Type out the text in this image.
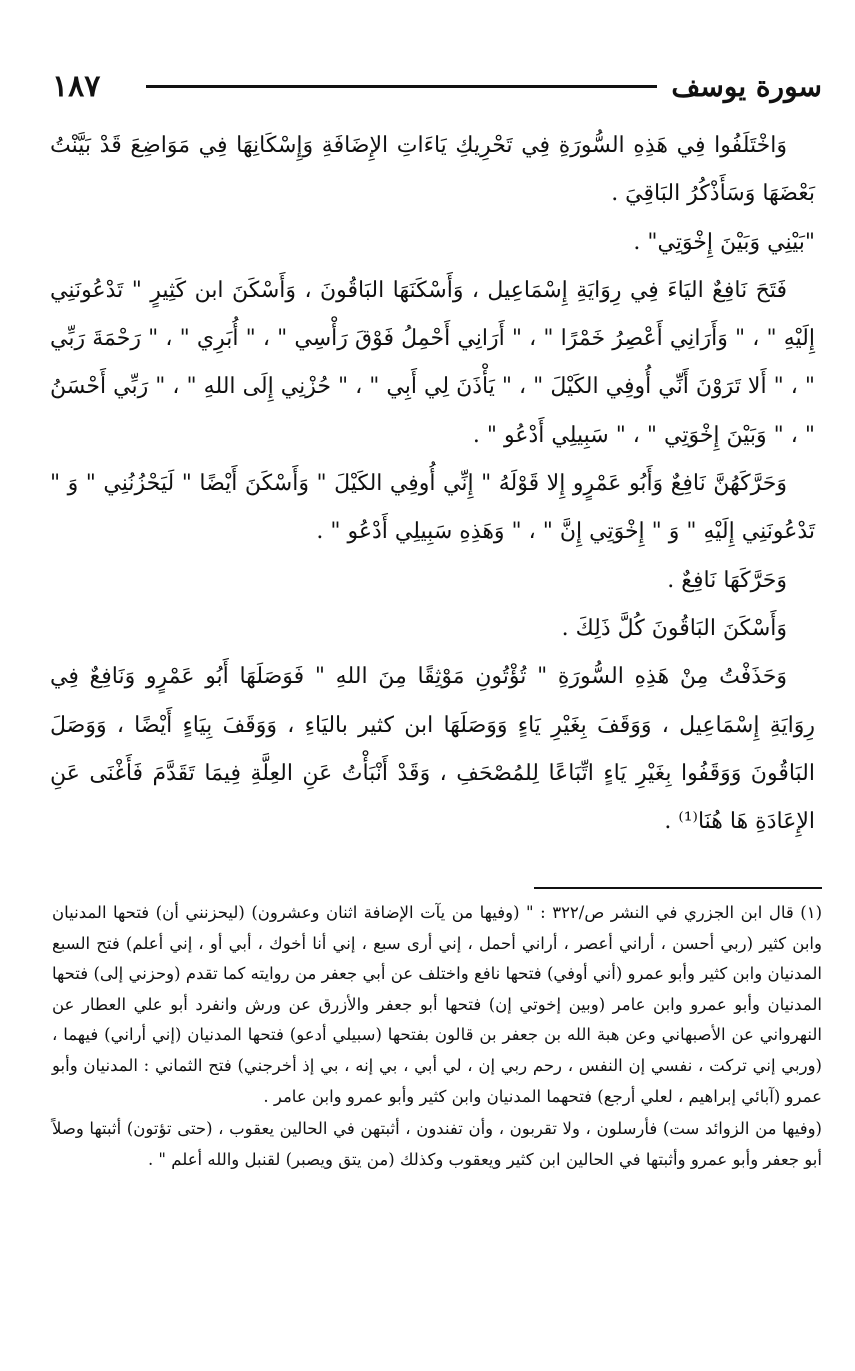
١٨٧	سورة يوسف

وَاخْتَلَفُوا فِي هَذِهِ السُّورَةِ فِي تَحْرِيكِ يَاءَاتِ الإِضَافَةِ وَإِسْكَانِهَا فِي مَوَاضِعَ قَدْ بَيَّنْتُ بَعْضَهَا وَسَأَذْكُرُ البَاقِيَ .

"بَيْنِي وَبَيْنَ إِخْوَتِي" .

فَتَحَ نَافِعٌ اليَاءَ فِي رِوَايَةِ إِسْمَاعِيل ، وَأَسْكَنَهَا البَاقُونَ ، وَأَسْكَنَ ابن كَثِيرٍ " تَدْعُونَنِي إِلَيْهِ " ، " وَأَرَانِي أَعْصِرُ خَمْرًا " ، " أَرَانِي أَحْمِلُ فَوْقَ رَأْسِي " ، " أُبَرِي " ، " رَحْمَةَ رَبِّي " ، " أَلا تَرَوْنَ أَنِّي أُوفِي الكَيْلَ " ، " يَأْذَنَ لِي أَبِي " ، " حُزْنِي إِلَى اللهِ " ، " رَبِّي أَحْسَنُ " ، " وَبَيْنَ إِخْوَتِي " ، " سَبِيلِي أَدْعُو " .

وَحَرَّكَهُنَّ نَافِعٌ وَأَبُو عَمْرٍو إِلا قَوْلَهُ " إِنِّي أُوفِي الكَيْلَ " وَأَسْكَنَ أَيْضًا " لَيَحْزُنُنِي " وَ " تَدْعُونَنِي إِلَيْهِ " وَ " إِخْوَتِي إِنَّ " ، " وَهَذِهِ سَبِيلِي أَدْعُو " .

وَحَرَّكَهَا نَافِعٌ .

وَأَسْكَنَ البَاقُونَ كُلَّ ذَلِكَ .

وَحَذَفْتُ مِنْ هَذِهِ السُّورَةِ " تُؤْتُونِ مَوْثِقًا مِنَ اللهِ " فَوَصَلَهَا أَبُو عَمْرٍو وَنَافِعٌ فِي رِوَايَةِ إِسْمَاعِيل ، وَوَقَفَ بِغَيْرِ يَاءٍ وَوَصَلَهَا ابن كثير باليَاءِ ، وَوَقَفَ بِيَاءٍ أَيْضًا ، وَوَصَلَ البَاقُونَ وَوَقَفُوا بِغَيْرِ يَاءٍ اتِّبَاعًا لِلمُصْحَفِ ، وَقَدْ أَنْبَأْتُ عَنِ العِلَّةِ فِيمَا تَقَدَّمَ فَأَغْنَى عَنِ الإِعَادَةِ هَا هُنَا⁽¹⁾ .

(١) قال ابن الجزري في النشر ص/٣٢٢ : " (وفيها من يآت الإضافة اثنان وعشرون) (ليحزنني أن) فتحها المدنيان وابن كثير (ربي أحسن ، أراني أعصر ، أراني أحمل ، إني أرى سبع ، إني أنا أخوك ، أبي أو ، إني أعلم) فتح السبع المدنيان وابن كثير وأبو عمرو (أني أوفي) فتحها نافع واختلف عن أبي جعفر من روايته كما تقدم (وحزني إلى) فتحها المدنيان وأبو عمرو وابن عامر (وبين إخوتي إن) فتحها أبو جعفر والأزرق عن ورش وانفرد أبو علي العطار عن النهرواني عن الأصبهاني وعن هبة الله بن جعفر بن قالون بفتحها (سبيلي أدعو) فتحها المدنيان (إني أراني) فيهما ، (وربي إني تركت ، نفسي إن النفس ، رحم ربي إن ، لي أبي ، بي إنه ، بي إذ أخرجني) فتح الثماني : المدنيان وأبو عمرو (آبائي إبراهيم ، لعلي أرجع) فتحهما المدنيان وابن كثير وأبو عمرو وابن عامر .

(وفيها من الزوائد ست) فأرسلون ، ولا تقربون ، وأن تفندون ، أثبتهن في الحالين يعقوب ، (حتى تؤتون) أثبتها وصلاً أبو جعفر وأبو عمرو وأثبتها في الحالين ابن كثير ويعقوب وكذلك (من يتق ويصبر) لقنبل والله أعلم " .
